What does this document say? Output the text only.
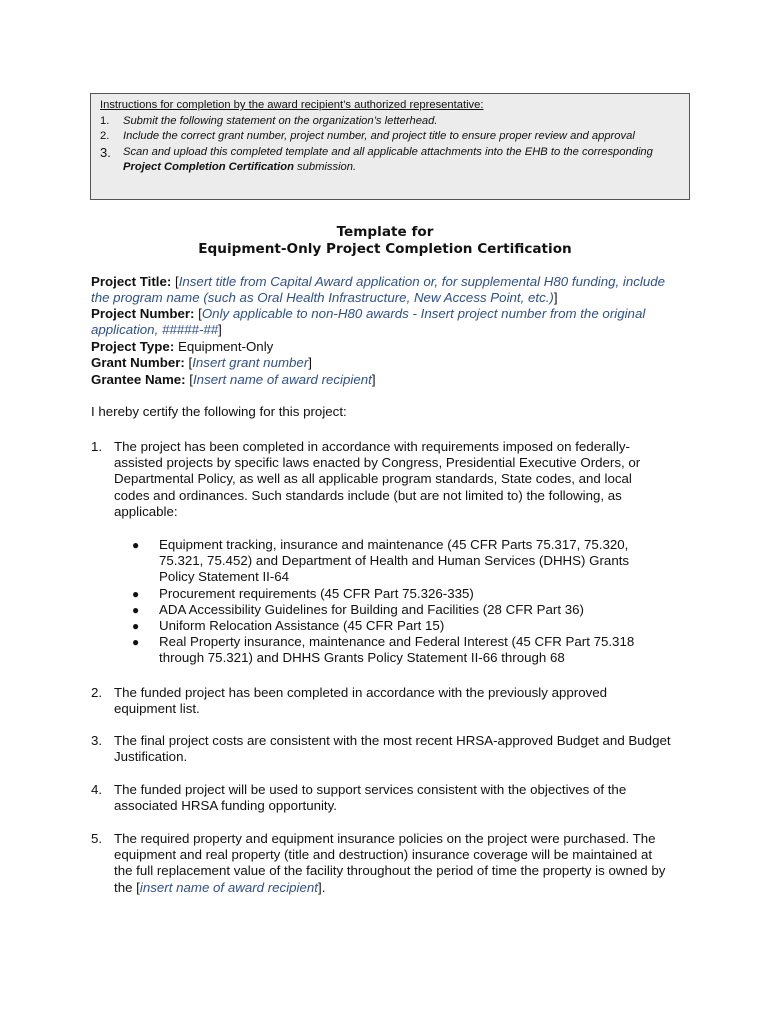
Instructions for completion by the award recipient’s authorized representative:
1.	Submit the following statement on the organization’s letterhead.
2.	Include the correct grant number, project number, and project title to ensure proper review and approval
3.	Scan and upload this completed template and all applicable attachments into the EHB to the corresponding Project Completion Certification submission.
Template for
Equipment-Only Project Completion Certification
Project Title: [Insert title from Capital Award application or, for supplemental H80 funding, include the program name (such as Oral Health Infrastructure, New Access Point, etc.)]
Project Number: [Only applicable to non-H80 awards - Insert project number from the original application, #####-##]
Project Type: Equipment-Only
Grant Number: [Insert grant number]
Grantee Name: [Insert name of award recipient]
I hereby certify the following for this project:
1. The project has been completed in accordance with requirements imposed on federally-assisted projects by specific laws enacted by Congress, Presidential Executive Orders, or Departmental Policy, as well as all applicable program standards, State codes, and local codes and ordinances. Such standards include (but are not limited to) the following, as applicable:
●	Equipment tracking, insurance and maintenance (45 CFR Parts 75.317, 75.320, 75.321, 75.452) and Department of Health and Human Services (DHHS) Grants Policy Statement II-64
●	Procurement requirements (45 CFR Part 75.326-335)
●	ADA Accessibility Guidelines for Building and Facilities (28 CFR Part 36)
●	Uniform Relocation Assistance (45 CFR Part 15)
●	Real Property insurance, maintenance and Federal Interest (45 CFR Part 75.318 through 75.321) and DHHS Grants Policy Statement II-66 through 68
2. The funded project has been completed in accordance with the previously approved equipment list.
3. The final project costs are consistent with the most recent HRSA-approved Budget and Budget Justification.
4. The funded project will be used to support services consistent with the objectives of the associated HRSA funding opportunity.
5. The required property and equipment insurance policies on the project were purchased. The equipment and real property (title and destruction) insurance coverage will be maintained at the full replacement value of the facility throughout the period of time the property is owned by the [insert name of award recipient].
